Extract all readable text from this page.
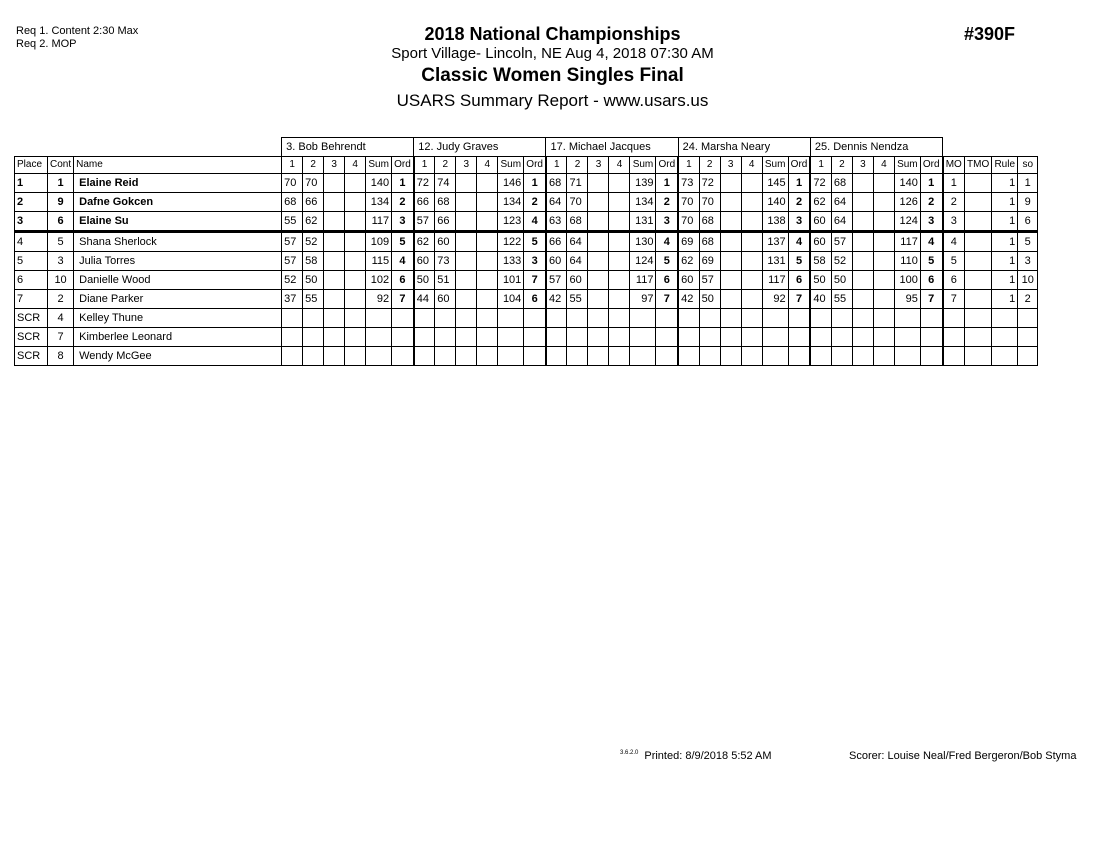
Req 1. Content 2:30 Max
Req 2. MOP	2018 National Championships
Sport Village- Lincoln, NE Aug 4, 2018 07:30 AM
Classic Women Singles Final
USARS Summary Report - www.usars.us
#390F
			3. Bob Behrendt						12. Judy Graves						17. Michael Jacques						24. Marsha Neary						25. Dennis Nendza									
Place	Cont	Name	1	2	3	4	Sum	Ord	1	2	3	4	Sum	Ord	1	2	3	4	Sum	Ord	1	2	3	4	Sum	Ord	1	2	3	4	Sum	Ord	MO	TMO	Rule	so
1	1	Elaine Reid	70	70			140	1	72	74			146	1	68	71			139	1	73	72			145	1	72	68			140	1	1		1	1
2	9	Dafne Gokcen	68	66			134	2	66	68			134	2	64	70			134	2	70	70			140	2	62	64			126	2	2		1	9
3	6	Elaine Su	55	62			117	3	57	66			123	4	63	68			131	3	70	68			138	3	60	64			124	3	3		1	6
4	5	Shana Sherlock	57	52			109	5	62	60			122	5	66	64			130	4	69	68			137	4	60	57			117	4	4		1	5
5	3	Julia Torres	57	58			115	4	60	73			133	3	60	64			124	5	62	69			131	5	58	52			110	5	5		1	3
6	10	Danielle Wood	52	50			102	6	50	51			101	7	57	60			117	6	60	57			117	6	50	50			100	6	6		1	10
7	2	Diane Parker	37	55			92	7	44	60			104	6	42	55			97	7	42	50			92	7	40	55			95	7	7		1	2
SCR	4	Kelley Thune																																		
SCR	7	Kimberlee Leonard																																		
SCR	8	Wendy McGee																																		
$^{3.6.2.0}$ Printed: 8/9/2018 5:52 AM	Scorer: Louise Neal/Fred Bergeron/Bob Styma
